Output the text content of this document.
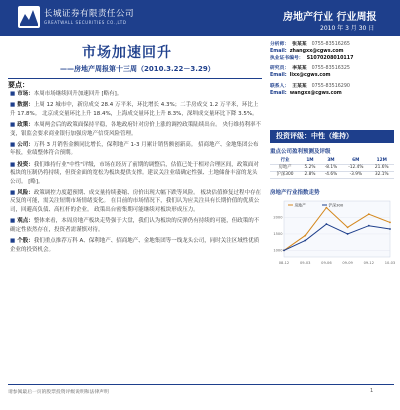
长城证券有限责任公司
GREATWALL SECURITIES CO.,LTD	房地产行业 行业周报
2010 年 3 月 30 日
市场加速回升
——房地产周报第十三周（2010.3.22－3.29）
要点：

■ 市场：本周市场继续回升加速回升 [略有]。

■ 数据：上周 12 城市中，新房成交 28.4 万平米，环比增长 4.3%；二手房成交 1.2 万平米，环比上升 17.8%。 北京成交量环比上升 18.4%，上海成交量环比上升 8.3%，深圳成交量环比下降 3.5%。

■ 政策：本周两会后的政策面保持平稳，各地政府针对房价上涨的调控政策陆续出台。 央行维持利率不变，银监会要求商业银行加强房地产信贷风险管理。

■ 公司：万科 3 月销售金额同比增长，保利地产 1-3 月累计销售额创新高。 招商地产、金地集团公布年报，业绩整体符合预期。

■ 投资：我们维持行业"中性"评级，市场在经历了前期的调整后，估值已处于相对合理区间，政策面对板块的压制仍将持续，但资金面的宽松为板块提供支撑。建议关注业绩确定性强、土地储备丰富的龙头公司。 [略]。

■ 风险：政策调控力度超预期、成交量持续萎缩、房价出现大幅下跌等风险。 板块估值修复过程中存在反复的可能，需关注短期市场情绪变化。 在目前的市场情况下，我们认为应关注具有长期价值的优质公司，回避高负债、高杠杆的企业。 政策出台密集期可能继续对板块形成压力。

■ 观点：整体来看，本周房地产板块走势强于大盘，我们认为板块的反弹仍有持续的可能，但政策的不确定性依然存在，投资者需谨慎对待。

■ 个股：我们重点推荐万科 A、保利地产、招商地产、金地集团等一线龙头公司，同时关注区域性优质企业的投资机会。

分析师： 张某某 0755-83516265
Email: zhangxx@cgws.com
执业证书编号： S1070208010117
研究员： 李某某 0755-83516325
Email: lixx@cgws.com
联系人： 王某某 0755-83516290
Email: wangxx@cgws.com
投资评级：中性（维持）
重点公司盈利预测及评级
行业	1M	3M	6M	12M
房地产	5.2%	-8.1%	-12.4%	21.6%
沪深300	2.8%	-4.6%	-3.9%	32.1%
房地产行业指数走势
1000
1500
2000
08-12	09-03	09-06	09-09	09-12	10-03
房地产	沪深300
请参阅最后一页的股票投资评级说明和法律声明	1
